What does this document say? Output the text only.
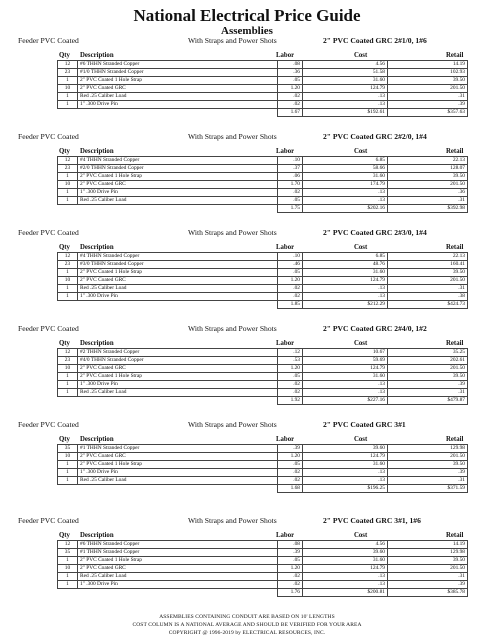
National Electrical Price Guide
Assemblies
Feeder PVC Coated	With Straps and Power Shots	2" PVC Coated GRC 2#1/0, 1#6
Qty Description	Labor	Cost	Retail
12	#6 THHN Stranded Copper	.08	4.56	14.19
23	#1/0 THHN Stranded Copper	.36	51.58	102.93
1	2" PVC Coated 1 Hole Strap	.05	31.60	39.50
10	2" PVC Coated GRC	1.20	124.79	201.50
1	Red .25 Caliber Load	.02	.13	.31
1	1" .300 Drive Pin	.02	.13	.39
		1.67	$192.61	$357.63
Feeder PVC Coated	With Straps and Power Shots	2" PVC Coated GRC 2#2/0, 1#4
Qty Description	Labor	Cost	Retail
12	#4 THHN Stranded Copper	.10	6.85	22.13
23	#2/0 THHN Stranded Copper	.37	58.66	128.07
1	2" PVC Coated 1 Hole Strap	.06	31.60	39.50
10	2" PVC Coated GRC	1.70	174.79	201.50
1	1" .300 Drive Pin	.02	.13	.36
1	Red .25 Caliber Load	.05	.13	.31
		1.75	$202.16	$392.98
Feeder PVC Coated	With Straps and Power Shots	2" PVC Coated GRC 2#3/0, 1#4
Qty Description	Labor	Cost	Retail
12	#4 THHN Stranded Copper	.10	6.85	22.13
23	#3/0 THHN Stranded Copper	.46	48.76	160.41
1	2" PVC Coated 1 Hole Strap	.05	31.60	39.50
10	2" PVC Coated GRC	1.20	124.79	201.50
1	Red .25 Caliber Load	.02	.13	.31
1	1" .300 Drive Pin	.02	.13	.38
		1.85	$212.29	$424.73
Feeder PVC Coated	With Straps and Power Shots	2" PVC Coated GRC 2#4/0, 1#2
Qty Description	Labor	Cost	Retail
12	#2 THHN Stranded Copper	.12	10.67	35.25
23	#4/0 THHN Stranded Copper	.53	59.69	202.61
10	2" PVC Coated GRC	1.20	124.79	201.50
1	2" PVC Coated 1 Hole Strap	.05	31.60	39.50
1	1" .300 Drive Pin	.02	.13	.39
1	Red .25 Caliber Load	.02	.13	.31
		1.92	$227.16	$479.87
Feeder PVC Coated	With Straps and Power Shots	2" PVC Coated GRC 3#1
Qty Description	Labor	Cost	Retail
35	#1 THHN Stranded Copper	.39	39.60	129.98
10	2" PVC Coated GRC	1.20	124.79	201.50
1	2" PVC Coated 1 Hole Strap	.05	31.60	39.50
1	1" .300 Drive Pin	.02	.13	.39
1	Red .25 Caliber Load	.02	.13	.31
		1.68	$196.25	$371.59
Feeder PVC Coated	With Straps and Power Shots	2" PVC Coated GRC 3#1, 1#6
Qty Description	Labor	Cost	Retail
12	#6 THHN Stranded Copper	.08	4.56	14.19
35	#1 THHN Stranded Copper	.39	39.60	129.98
1	2" PVC Coated 1 Hole Strap	.05	31.60	39.50
10	2" PVC Coated GRC	1.20	124.79	201.50
1	Red .25 Caliber Load	.02	.13	.31
1	1" .300 Drive Pin	.02	.13	.39
		1.76	$200.81	$385.78
ASSEMBLIES CONTAINING CONDUIT ARE BASED ON 10' LENGTHS
COST COLUMN IS A NATIONAL AVERAGE AND SHOULD BE VERIFIED FOR YOUR AREA
COPYRIGHT @ 1996-2019 by ELECTRICAL RESOURCES, INC.
